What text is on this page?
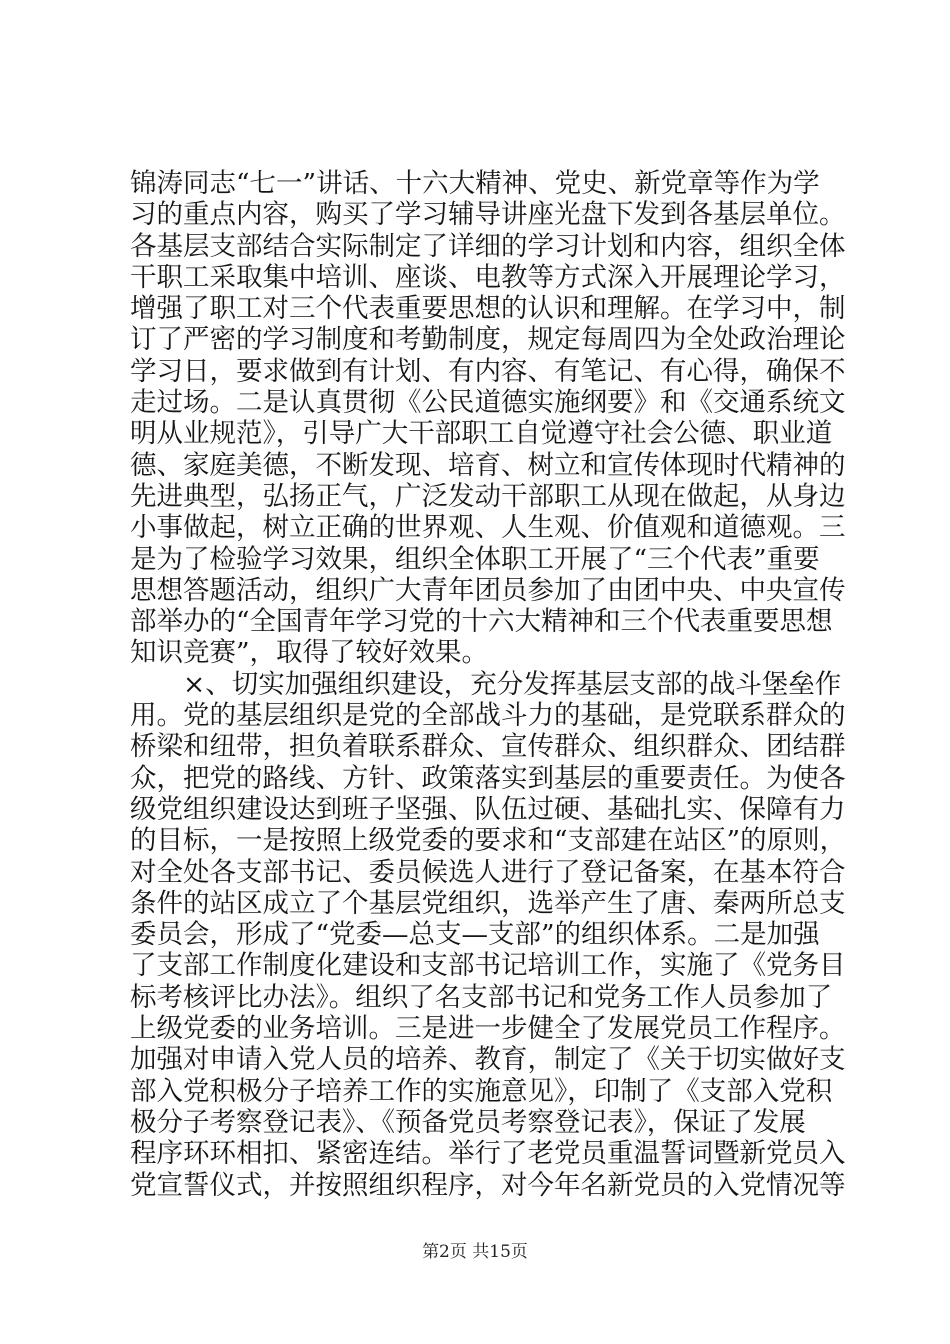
锦涛同志“七一”讲话、十六大精神、党史、新党章等作为学
习的重点内容，购买了学习辅导讲座光盘下发到各基层单位。
各基层支部结合实际制定了详细的学习计划和内容，组织全体
干职工采取集中培训、座谈、电教等方式深入开展理论学习，
增强了职工对三个代表重要思想的认识和理解。在学习中，制
订了严密的学习制度和考勤制度，规定每周四为全处政治理论
学习日，要求做到有计划、有内容、有笔记、有心得，确保不
走过场。二是认真贯彻《公民道德实施纲要》和《交通系统文
明从业规范》，引导广大干部职工自觉遵守社会公德、职业道
德、家庭美德，不断发现、培育、树立和宣传体现时代精神的
先进典型，弘扬正气，广泛发动干部职工从现在做起，从身边
小事做起，树立正确的世界观、人生观、价值观和道德观。三
是为了检验学习效果，组织全体职工开展了“三个代表”重要
思想答题活动，组织广大青年团员参加了由团中央、中央宣传
部举办的“全国青年学习党的十六大精神和三个代表重要思想
知识竞赛”，取得了较好效果。
　　×、切实加强组织建设，充分发挥基层支部的战斗堡垒作
用。党的基层组织是党的全部战斗力的基础，是党联系群众的
桥梁和纽带，担负着联系群众、宣传群众、组织群众、团结群
众，把党的路线、方针、政策落实到基层的重要责任。为使各
级党组织建设达到班子坚强、队伍过硬、基础扎实、保障有力
的目标，一是按照上级党委的要求和“支部建在站区”的原则，
对全处各支部书记、委员候选人进行了登记备案，在基本符合
条件的站区成立了个基层党组织，选举产生了唐、秦两所总支
委员会，形成了“党委—总支—支部”的组织体系。二是加强
了支部工作制度化建设和支部书记培训工作，实施了《党务目
标考核评比办法》。组织了名支部书记和党务工作人员参加了
上级党委的业务培训。三是进一步健全了发展党员工作程序。
加强对申请入党人员的培养、教育，制定了《关于切实做好支
部入党积极分子培养工作的实施意见》，印制了《支部入党积
极分子考察登记表》、《预备党员考察登记表》，保证了发展
程序环环相扣、紧密连结。举行了老党员重温誓词暨新党员入
党宣誓仪式，并按照组织程序，对今年名新党员的入党情况等
第2页 共15页
